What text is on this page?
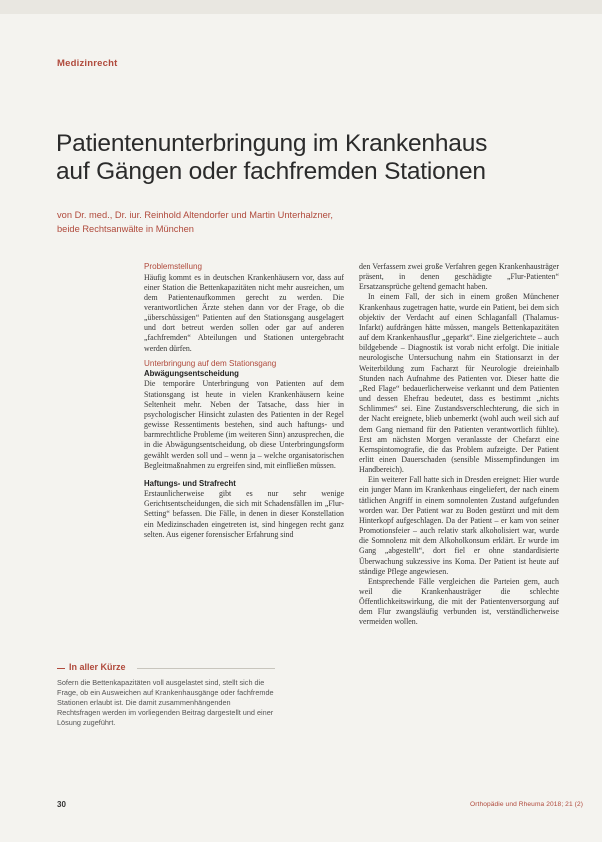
Medizinrecht
Patientenunterbringung im Krankenhaus
auf Gängen oder fachfremden Stationen
von Dr. med., Dr. iur. Reinhold Altendorfer und Martin Unterhalzner,
beide Rechtsanwälte in München

Problemstellung

Häufig kommt es in deutschen Krankenhäusern vor, dass auf einer Station die Bettenkapazitäten nicht mehr ausreichen, um dem Patientenaufkommen gerecht zu werden. Die verantwortlichen Ärzte stehen dann vor der Frage, ob die „überschüssigen“ Patienten auf den Stationsgang ausgelagert und dort betreut werden sollen oder gar auf anderen „fachfremden“ Abteilungen und Stationen untergebracht werden dürfen.

Unterbringung auf dem Stationsgang

Abwägungsentscheidung

Die temporäre Unterbringung von Patienten auf dem Stationsgang ist heute in vielen Krankenhäusern keine Seltenheit mehr. Neben der Tatsache, dass hier in psychologischer Hinsicht zulasten des Patienten in der Regel gewisse Ressentiments bestehen, sind auch haftungs- und barmrechtliche Probleme (im weiteren Sinn) anzusprechen, die in die Abwägungsentscheidung, ob diese Unterbringungsform gewählt werden soll und – wenn ja – welche organisatorischen Begleitmaßnahmen zu ergreifen sind, mit einfließen müssen.

Haftungs- und Strafrecht

Erstaunlicherweise gibt es nur sehr wenige Gerichtsentscheidungen, die sich mit Schadensfällen im „Flur-Setting“ befassen. Die Fälle, in denen in dieser Konstellation ein Medizinschaden eingetreten ist, sind hingegen recht ganz selten. Aus eigener forensischer Erfahrung sind

den Verfassern zwei große Verfahren gegen Krankenhausträger präsent, in denen geschädigte „Flur-Patienten“ Ersatzansprüche geltend gemacht haben.

In einem Fall, der sich in einem großen Münchener Krankenhaus zugetragen hatte, wurde ein Patient, bei dem sich objektiv der Verdacht auf einen Schlaganfall (Thalamus-Infarkt) aufdrängen hätte müssen, mangels Bettenkapazitäten auf dem Krankenhausflur „geparkt“. Eine zielgerichtete – auch bildgebende – Diagnostik ist vorab nicht erfolgt. Die initiale neurologische Untersuchung nahm ein Stationsarzt in der Weiterbildung zum Facharzt für Neurologie dreieinhalb Stunden nach Aufnahme des Patienten vor. Dieser hatte die „Red Flage“ bedauerlicherweise verkannt und dem Patienten und dessen Ehefrau bedeutet, dass es bestimmt „nichts Schlimmes“ sei. Eine Zustandsverschlechterung, die sich in der Nacht ereignete, blieb unbemerkt (wohl auch weil sich auf dem Gang niemand für den Patienten verantwortlich fühlte). Erst am nächsten Morgen veranlasste der Chefarzt eine Kernspintomografie, die das Problem aufzeigte. Der Patient erlitt einen Dauerschaden (sensible Missempfindungen im Handbereich).

Ein weiterer Fall hatte sich in Dresden ereignet: Hier wurde ein junger Mann im Krankenhaus eingeliefert, der nach einem tätlichen Angriff in einem somnolenten Zustand aufgefunden worden war. Der Patient war zu Boden gestürzt und mit dem Hinterkopf aufgeschlagen. Da der Patient – er kam von seiner Promotionsfeier – auch relativ stark alkoholisiert war, wurde die Somnolenz mit dem Alkoholkonsum erklärt. Er wurde im Gang „abgestellt“, dort fiel er ohne standardisierte Überwachung sukzessive ins Koma. Der Patient ist heute auf ständige Pflege angewiesen.

Entsprechende Fälle vergleichen die Parteien gern, auch weil die Krankenhausträger die schlechte Öffentlichkeitswirkung, die mit der Patientenversorgung auf dem Flur zwangsläufig verbunden ist, verständlicherweise vermeiden wollen.

In aller Kürze
Sofern die Bettenkapazitäten voll ausgelastet sind, stellt sich die Frage, ob ein Ausweichen auf Krankenhausgänge oder fachfremde Stationen erlaubt ist. Die damit zusammenhängenden Rechtsfragen werden im vorliegenden Beitrag dargestellt und einer Lösung zugeführt.
30	Orthopädie und Rheuma 2018; 21 (2)
